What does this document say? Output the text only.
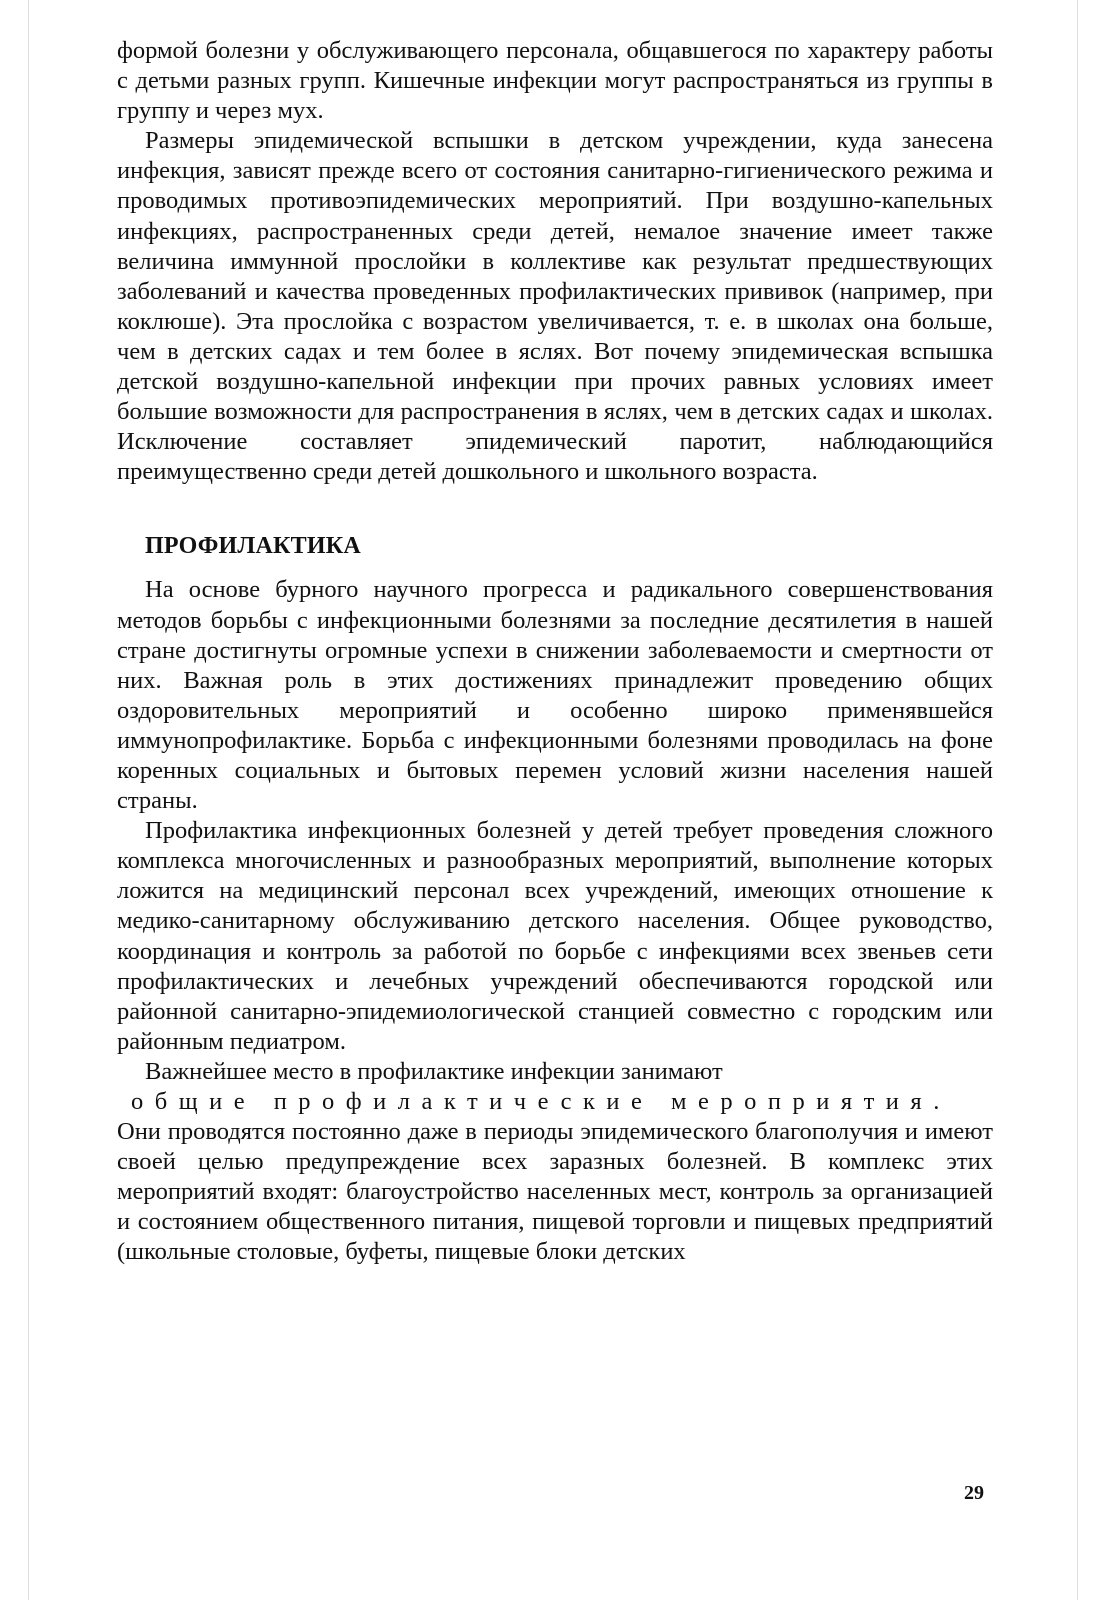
формой болезни у обслуживающего персонала, общавшегося по характеру работы с детьми разных групп. Кишечные инфекции могут распространяться из группы в группу и через мух.

Размеры эпидемической вспышки в детском учреждении, куда занесена инфекция, зависят прежде всего от состояния санитарно-гигиенического режима и проводимых противоэпидемических мероприятий. При воздушно-капельных инфекциях, распространенных среди детей, немалое значение имеет также величина иммунной прослойки в коллективе как результат предшествующих заболеваний и качества проведенных профилактических прививок (например, при коклюше). Эта прослойка с возрастом увеличивается, т. е. в школах она больше, чем в детских садах и тем более в яслях. Вот почему эпидемическая вспышка детской воздушно-капельной инфекции при прочих равных условиях имеет большие возможности для распространения в яслях, чем в детских садах и школах. Исключение составляет эпидемический паротит, наблюдающийся преимущественно среди детей дошкольного и школьного возраста.

ПРОФИЛАКТИКА

На основе бурного научного прогресса и радикального совершенствования методов борьбы с инфекционными болезнями за последние десятилетия в нашей стране достигнуты огромные успехи в снижении заболеваемости и смертности от них. Важная роль в этих достижениях принадлежит проведению общих оздоровительных мероприятий и особенно широко применявшейся иммунопрофилактике. Борьба с инфекционными болезнями проводилась на фоне коренных социальных и бытовых перемен условий жизни населения нашей страны.

Профилактика инфекционных болезней у детей требует проведения сложного комплекса многочисленных и разнообразных мероприятий, выполнение которых ложится на медицинский персонал всех учреждений, имеющих отношение к медико-санитарному обслуживанию детского населения. Общее руководство, координация и контроль за работой по борьбе с инфекциями всех звеньев сети профилактических и лечебных учреждений обеспечиваются городской или районной санитарно-эпидемиологической станцией совместно с городским или районным педиатром.

Важнейшее место в профилактике инфекции занимают

общие профилактические мероприятия.

Они проводятся постоянно даже в периоды эпидемического благополучия и имеют своей целью предупреждение всех заразных болезней. В комплекс этих мероприятий входят: благоустройство населенных мест, контроль за организацией и состоянием общественного питания, пищевой торговли и пищевых предприятий (школьные столовые, буфеты, пищевые блоки детских

29
